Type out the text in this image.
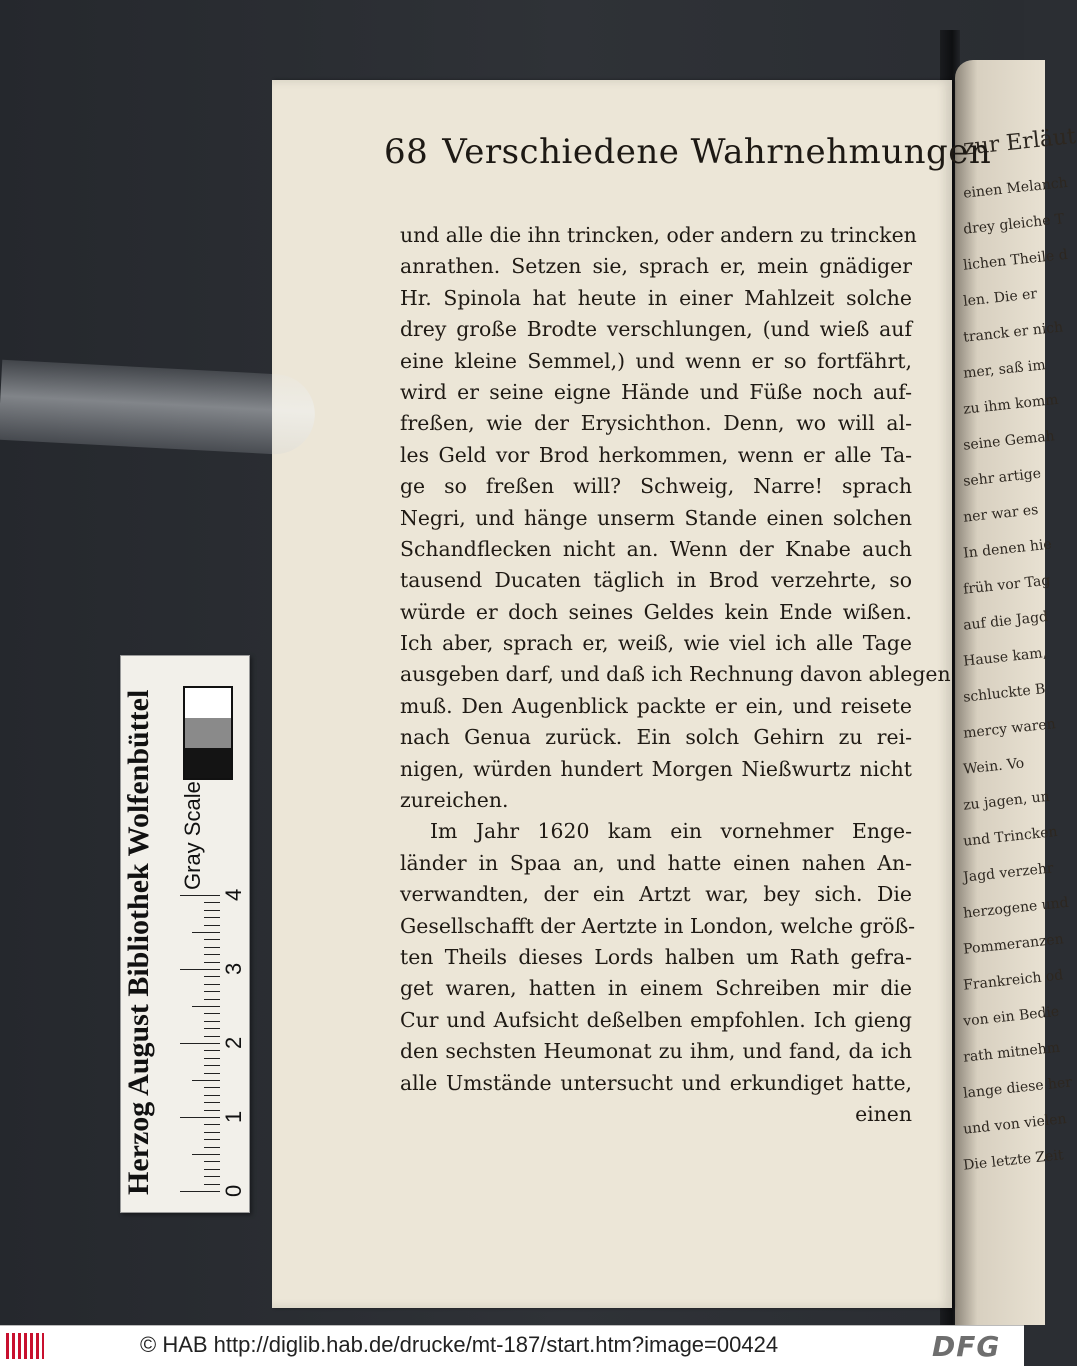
zur Erläut
einen Melanch
drey gleiche T
lichen Theile d
len. Die er
tranck er nich
mer, saß im
zu ihm komm
seine Gemah
sehr artige
ner war es
In denen hie
früh vor Tag
auf die Jagd
Hause kam,
schluckte B
mercy waren
Wein. Vo
zu jagen, un
und Trincken
Jagd verzehr
herzogene und
Pommeranzen
Frankreich od
von ein Bedie
rath mitnehm
lange diese her
und von vielen
Die letzte Zeit
68 Verschiedene Wahrnehmungen
und alle die ihn trincken, oder andern zu trincken
anrathen. Setzen sie, sprach er, mein gnädiger
Hr. Spinola hat heute in einer Mahlzeit solche
drey große Brodte verschlungen, (und wieß auf
eine kleine Semmel,) und wenn er so fortfährt,
wird er seine eigne Hände und Füße noch auf-
freßen, wie der Erysichthon. Denn, wo will al-
les Geld vor Brod herkommen, wenn er alle Ta-
ge so freßen will? Schweig, Narre! sprach
Negri, und hänge unserm Stande einen solchen
Schandflecken nicht an. Wenn der Knabe auch
tausend Ducaten täglich in Brod verzehrte, so
würde er doch seines Geldes kein Ende wißen.
Ich aber, sprach er, weiß, wie viel ich alle Tage
ausgeben darf, und daß ich Rechnung davon ablegen
muß. Den Augenblick packte er ein, und reisete
nach Genua zurück. Ein solch Gehirn zu rei-
nigen, würden hundert Morgen Nießwurtz nicht
zureichen.
Im Jahr 1620 kam ein vornehmer Enge-
länder in Spaa an, und hatte einen nahen An-
verwandten, der ein Artzt war, bey sich. Die
Gesellschafft der Aertzte in London, welche größ-
ten Theils dieses Lords halben um Rath gefra-
get waren, hatten in einem Schreiben mir die
Cur und Aufsicht deßelben empfohlen. Ich gieng
den sechsten Heumonat zu ihm, und fand, da ich
alle Umstände untersucht und erkundiget hatte,
einen
Herzog August Bibliothek Wolfenbüttel	Gray Scale
0
1
2
3
4
© HAB http://diglib.hab.de/drucke/mt-187/start.htm?image=00424	DFG
